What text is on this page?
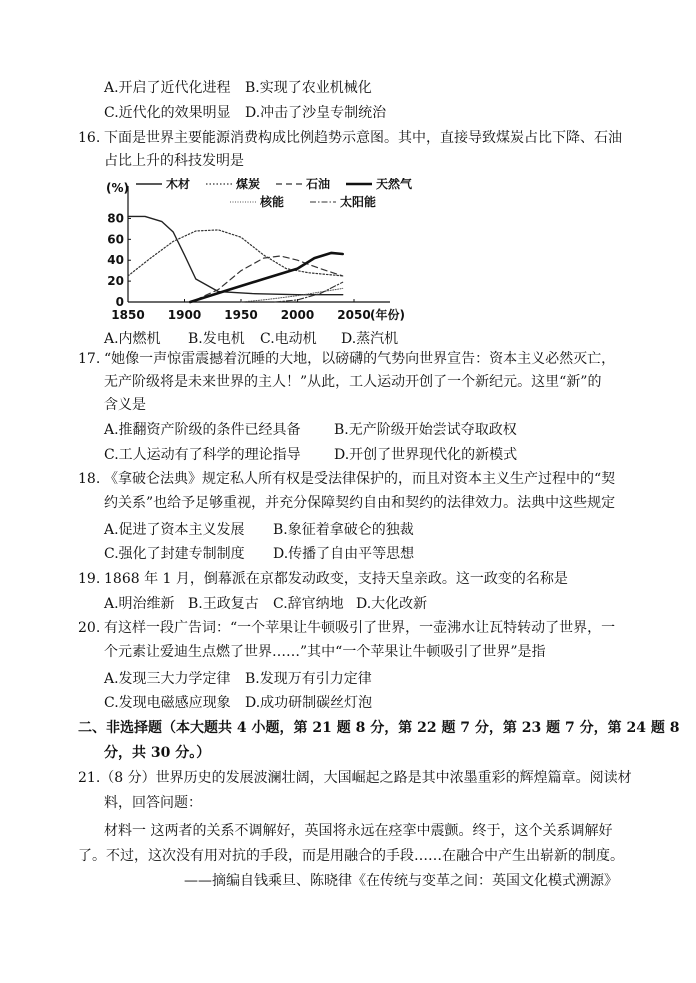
A.开启了近代化进程 B.实现了农业机械化
C.近代化的效果明显 D.冲击了沙皇专制统治
16. 下面是世界主要能源消费构成比例趋势示意图。其中，直接导致煤炭占比下降、石油
占比上升的科技发明是
0
20
40
60
80
1850 1900 1950 2000 2050
(%)
(年份)
木材	煤炭	石油	天然气
核能	太阳能
A.内燃机 B.发电机 C.电动机 D.蒸汽机
17. “她像一声惊雷震撼着沉睡的大地，以磅礴的气势向世界宣告：资本主义必然灭亡，
无产阶级将是未来世界的主人！”从此，工人运动开创了一个新纪元。这里“新”的
含义是
A.推翻资产阶级的条件已经具备 B.无产阶级开始尝试夺取政权
C.工人运动有了科学的理论指导 D.开创了世界现代化的新模式
18. 《拿破仑法典》规定私人所有权是受法律保护的，而且对资本主义生产过程中的“契
约关系”也给予足够重视，并充分保障契约自由和契约的法律效力。法典中这些规定
A.促进了资本主义发展 B.象征着拿破仑的独裁
C.强化了封建专制制度 D.传播了自由平等思想
19. 1868 年 1 月，倒幕派在京都发动政变，支持天皇亲政。这一政变的名称是
A.明治维新 B.王政复古 C.辞官纳地 D.大化改新
20. 有这样一段广告词：“一个苹果让牛顿吸引了世界，一壶沸水让瓦特转动了世界，一
个元素让爱迪生点燃了世界……”其中“一个苹果让牛顿吸引了世界”是指
A.发现三大力学定律 B.发现万有引力定律
C.发现电磁感应现象 D.成功研制碳丝灯泡
二、非选择题（本大题共 4 小题，第 21 题 8 分，第 22 题 7 分，第 23 题 7 分，第 24 题 8
分，共 30 分。）
21.（8 分）世界历史的发展波澜壮阔，大国崛起之路是其中浓墨重彩的辉煌篇章。阅读材
料，回答问题：
材料一 这两者的关系不调解好，英国将永远在痉挛中震颤。终于，这个关系调解好
了。不过，这次没有用对抗的手段，而是用融合的手段……在融合中产生出崭新的制度。
——摘编自钱乘旦、陈晓律《在传统与变革之间：英国文化模式溯源》
